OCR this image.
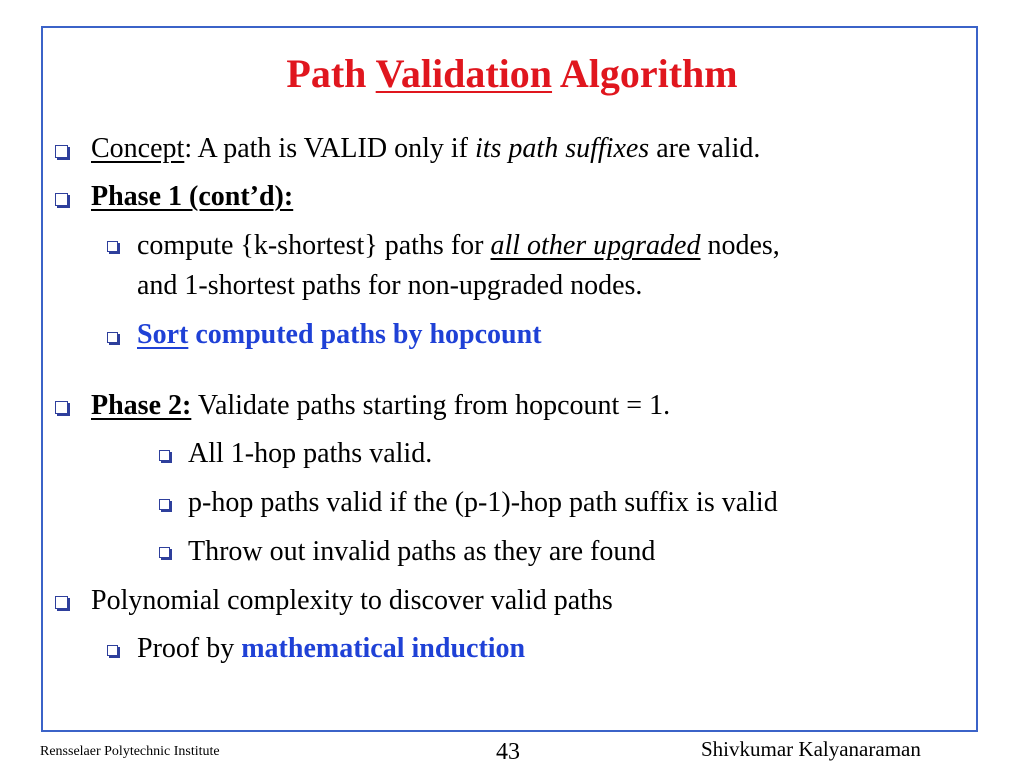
Path Validation Algorithm
Concept: A path is VALID only if its path suffixes are valid.
Phase 1 (cont’d):
compute {k-shortest} paths for all other upgraded nodes,
and 1-shortest paths for non-upgraded nodes.
Sort computed paths by hopcount
Phase 2: Validate paths starting from hopcount = 1.
All 1-hop paths valid.
p-hop paths valid if the (p-1)-hop path suffix is valid
Throw out invalid paths as they are found
Polynomial complexity to discover valid paths
Proof by mathematical induction
Rensselaer Polytechnic Institute	43	Shivkumar Kalyanaraman
